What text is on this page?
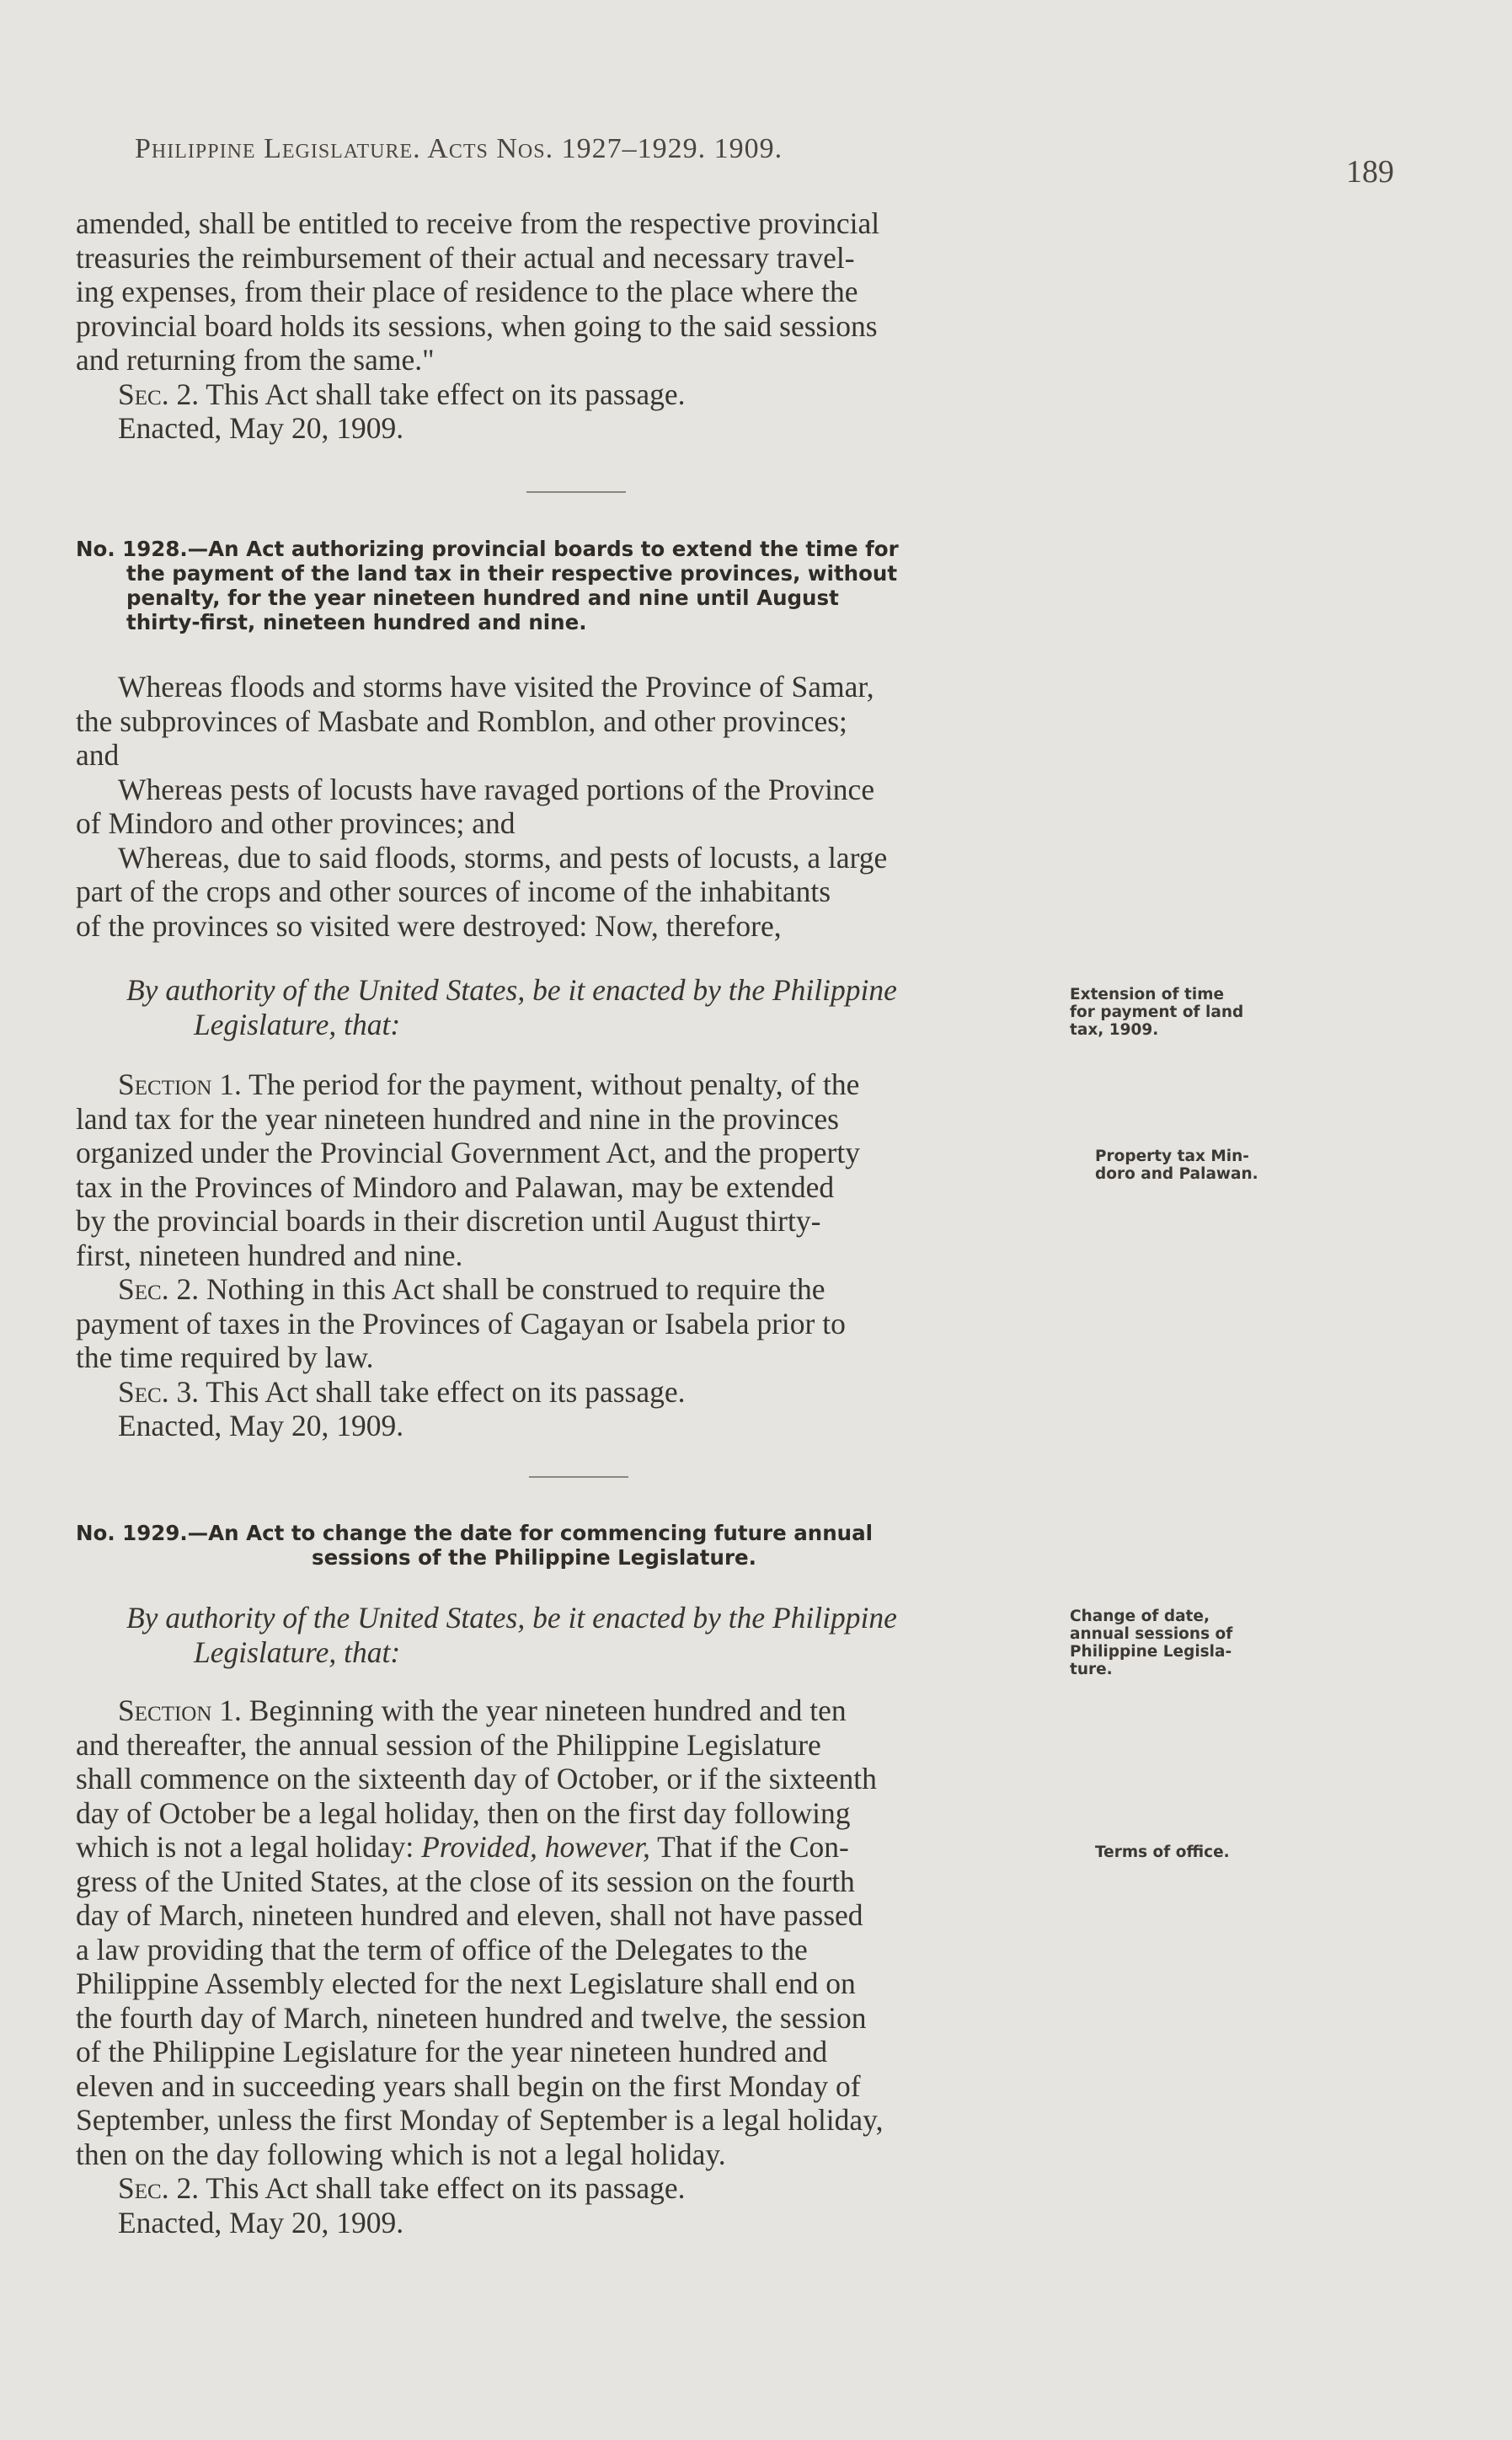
Philippine Legislature. Acts Nos. 1927–1929. 1909.
189

amended, shall be entitled to receive from the respective provincial
treasuries the reimbursement of their actual and necessary travel-
ing expenses, from their place of residence to the place where the
provincial board holds its sessions, when going to the said sessions
and returning from the same."

Sec. 2. This Act shall take effect on its passage.

Enacted, May 20, 1909.

No. 1928.—An Act authorizing provincial boards to extend the time for
the payment of the land tax in their respective provinces, without
penalty, for the year nineteen hundred and nine until August
thirty-first, nineteen hundred and nine.

Whereas floods and storms have visited the Province of Samar,
the subprovinces of Masbate and Romblon, and other provinces;
and

Whereas pests of locusts have ravaged portions of the Province
of Mindoro and other provinces; and

Whereas, due to said floods, storms, and pests of locusts, a large
part of the crops and other sources of income of the inhabitants
of the provinces so visited were destroyed: Now, therefore,

By authority of the United States, be it enacted by the Philippine
Legislature, that:

Section 1. The period for the payment, without penalty, of the
land tax for the year nineteen hundred and nine in the provinces
organized under the Provincial Government Act, and the property
tax in the Provinces of Mindoro and Palawan, may be extended
by the provincial boards in their discretion until August thirty-
first, nineteen hundred and nine.

Sec. 2. Nothing in this Act shall be construed to require the
payment of taxes in the Provinces of Cagayan or Isabela prior to
the time required by law.

Sec. 3. This Act shall take effect on its passage.

Enacted, May 20, 1909.

Extension of time
for payment of land
tax, 1909.
Property tax Min-
doro and Palawan.
No. 1929.—An Act to change the date for commencing future annual
sessions of the Philippine Legislature.

By authority of the United States, be it enacted by the Philippine
Legislature, that:

Section 1. Beginning with the year nineteen hundred and ten
and thereafter, the annual session of the Philippine Legislature
shall commence on the sixteenth day of October, or if the sixteenth
day of October be a legal holiday, then on the first day following
which is not a legal holiday: Provided, however, That if the Con-
gress of the United States, at the close of its session on the fourth
day of March, nineteen hundred and eleven, shall not have passed
a law providing that the term of office of the Delegates to the
Philippine Assembly elected for the next Legislature shall end on
the fourth day of March, nineteen hundred and twelve, the session
of the Philippine Legislature for the year nineteen hundred and
eleven and in succeeding years shall begin on the first Monday of
September, unless the first Monday of September is a legal holiday,
then on the day following which is not a legal holiday.

Sec. 2. This Act shall take effect on its passage.

Enacted, May 20, 1909.

Change of date,
annual sessions of
Philippine Legisla-
ture.
Terms of office.
